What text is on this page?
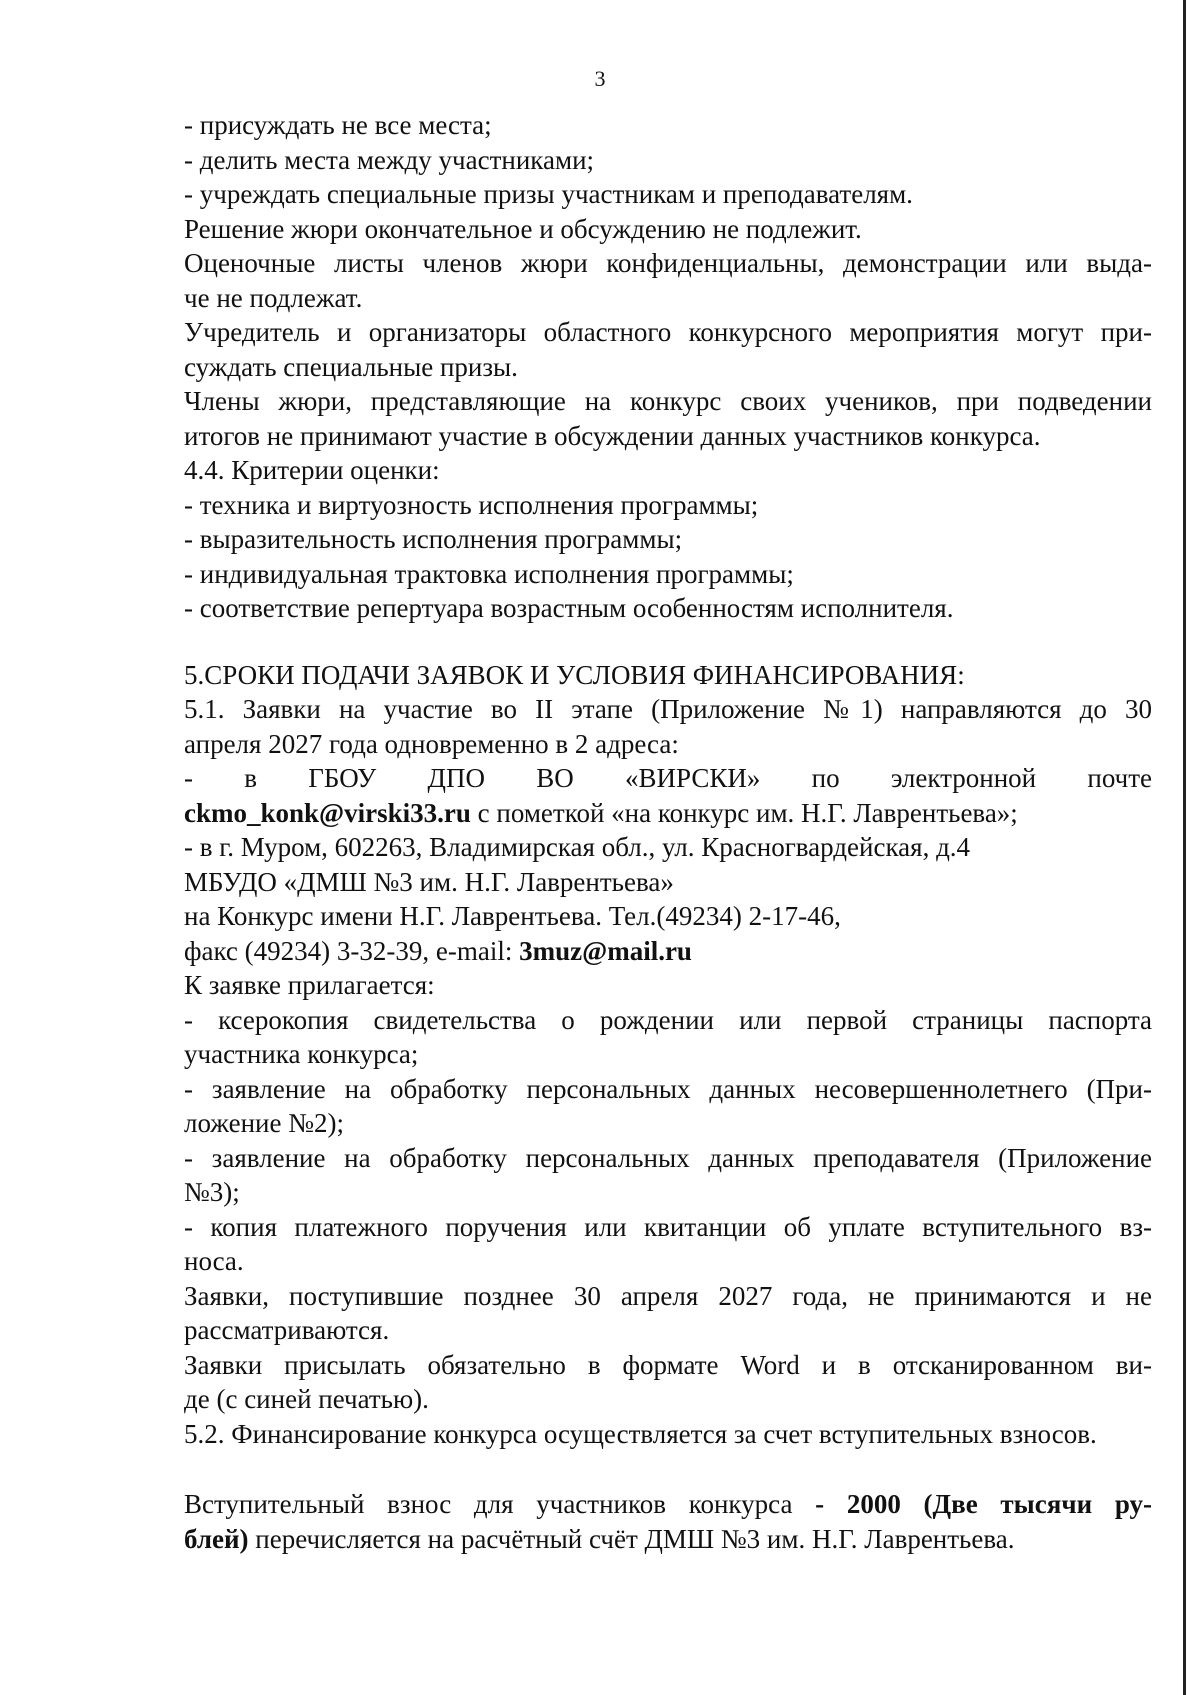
3

- присуждать не все места;

- делить места между участниками;

- учреждать специальные призы участникам и преподавателям.

Решение жюри окончательное и обсуждению не подлежит.

Оценочные листы членов жюри конфиденциальны, демонстрации или выда-

че не подлежат.

Учредитель и организаторы областного конкурсного мероприятия могут при-

суждать специальные призы.

Члены жюри, представляющие на конкурс своих учеников, при подведении

итогов не принимают участие в обсуждении данных участников конкурса.

4.4. Критерии оценки:

- техника и виртуозность исполнения программы;

- выразительность исполнения программы;

- индивидуальная трактовка исполнения программы;

- соответствие репертуара возрастным особенностям исполнителя.

5.СРОКИ ПОДАЧИ ЗАЯВОК И УСЛОВИЯ ФИНАНСИРОВАНИЯ:

5.1. Заявки на участие во II этапе (Приложение №1) направляются до 30

апреля 2027 года одновременно в 2 адреса:

- в ГБОУ ДПО ВО «ВИРСКИ» по электронной почте

ckmo_konk@virski33.ru с пометкой «на конкурс им. Н.Г. Лаврентьева»;

- в г. Муром, 602263, Владимирская обл., ул. Красногвардейская, д.4

МБУДО «ДМШ №3 им. Н.Г. Лаврентьева»

на Конкурс имени Н.Г. Лаврентьева. Тел.(49234) 2-17-46,

факс (49234) 3-32-39, e-mail: 3muz@mail.ru

К заявке прилагается:

- ксерокопия свидетельства о рождении или первой страницы паспорта

участника конкурса;

- заявление на обработку персональных данных несовершеннолетнего (При-

ложение №2);

- заявление на обработку персональных данных преподавателя (Приложение

№3);

- копия платежного поручения или квитанции об уплате вступительного вз-

носа.

Заявки, поступившие позднее 30 апреля 2027 года, не принимаются и не

рассматриваются.

Заявки присылать обязательно в формате Word и в отсканированном ви-

де (с синей печатью).

5.2. Финансирование конкурса осуществляется за счет вступительных взносов.

Вступительный взнос для участников конкурса - 2000 (Две тысячи ру-

блей) перечисляется на расчётный счёт ДМШ №3 им. Н.Г. Лаврентьева.
